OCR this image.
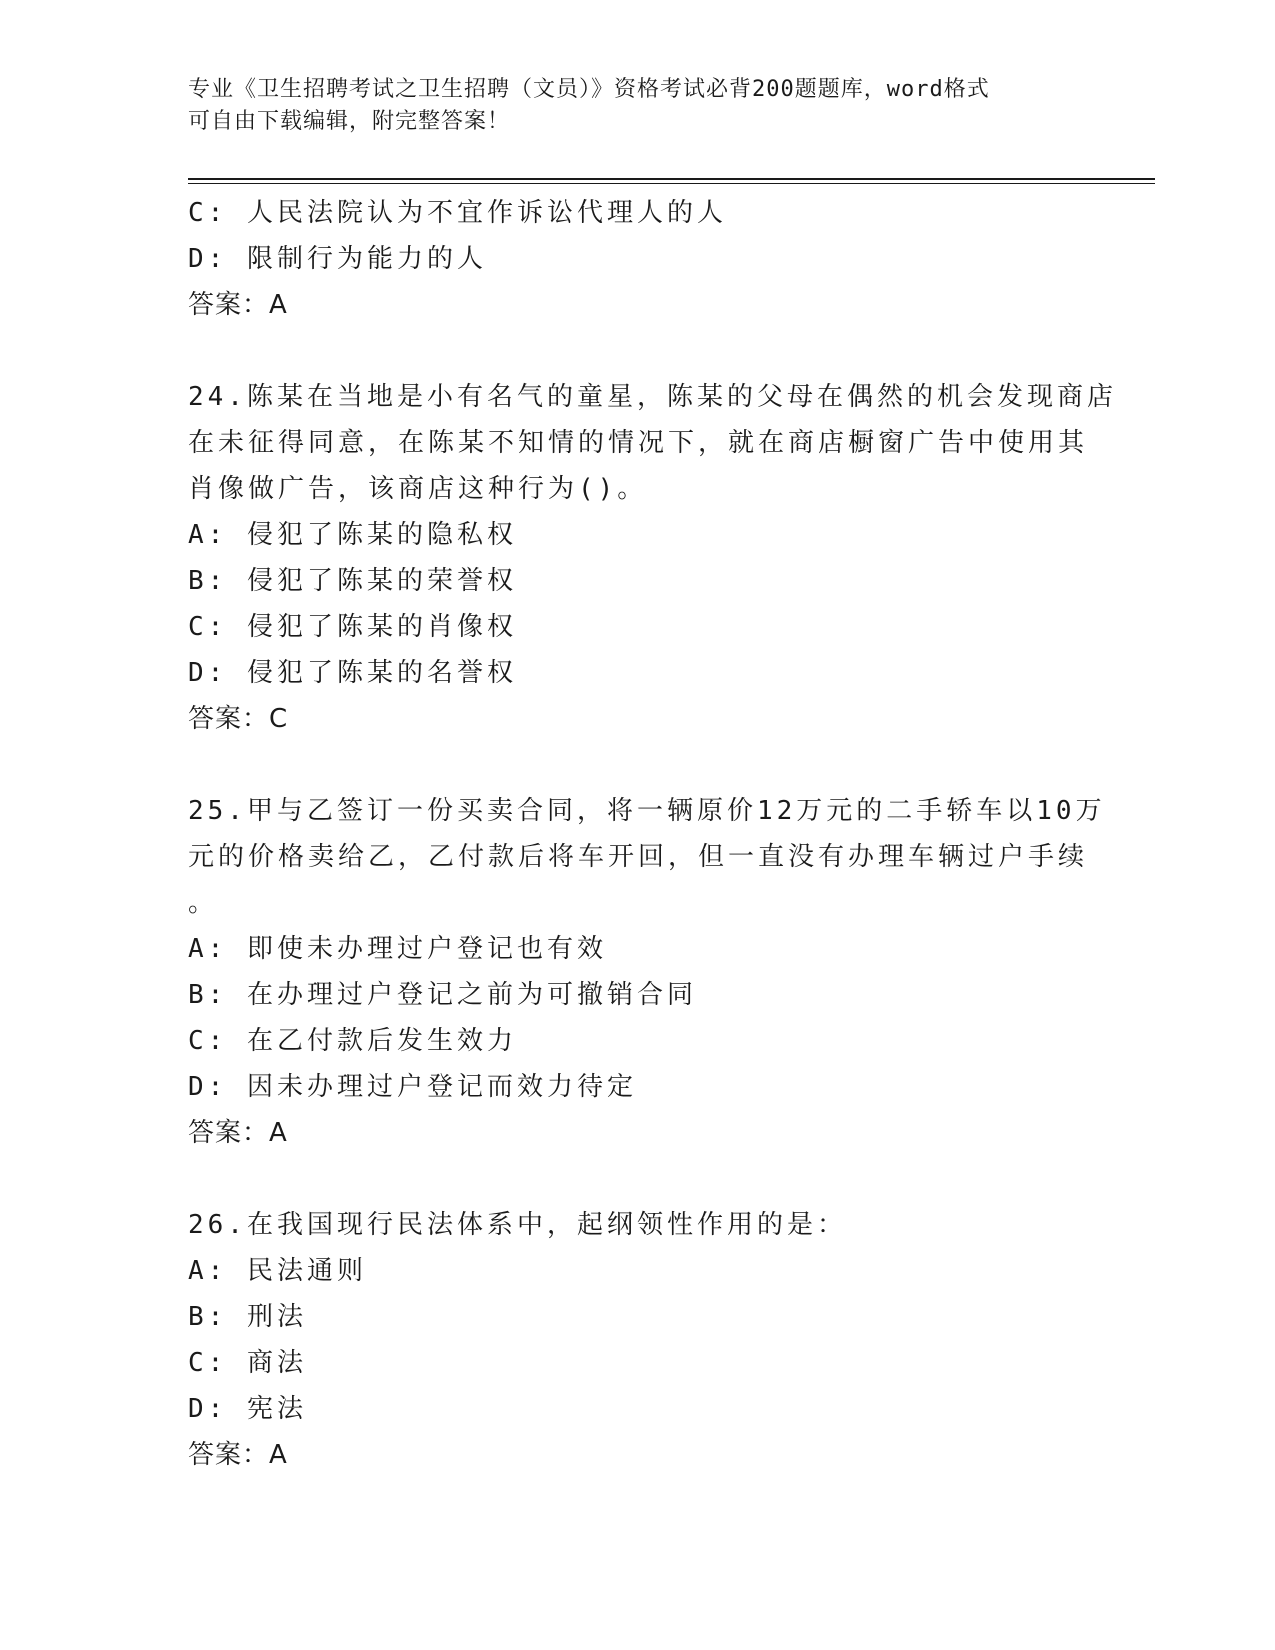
专业《卫生招聘考试之卫生招聘（文员）》资格考试必背200题题库，word格式
可自由下载编辑，附完整答案！
C: 人民法院认为不宜作诉讼代理人的人
D: 限制行为能力的人
答案：A
24.陈某在当地是小有名气的童星，陈某的父母在偶然的机会发现商店
在未征得同意，在陈某不知情的情况下，就在商店橱窗广告中使用其
肖像做广告，该商店这种行为()。
A: 侵犯了陈某的隐私权
B: 侵犯了陈某的荣誉权
C: 侵犯了陈某的肖像权
D: 侵犯了陈某的名誉权
答案：C
25.甲与乙签订一份买卖合同，将一辆原价12万元的二手轿车以10万
元的价格卖给乙，乙付款后将车开回，但一直没有办理车辆过户手续
。
A: 即使未办理过户登记也有效
B: 在办理过户登记之前为可撤销合同
C: 在乙付款后发生效力
D: 因未办理过户登记而效力待定
答案：A
26.在我国现行民法体系中，起纲领性作用的是：
A: 民法通则
B: 刑法
C: 商法
D: 宪法
答案：A
